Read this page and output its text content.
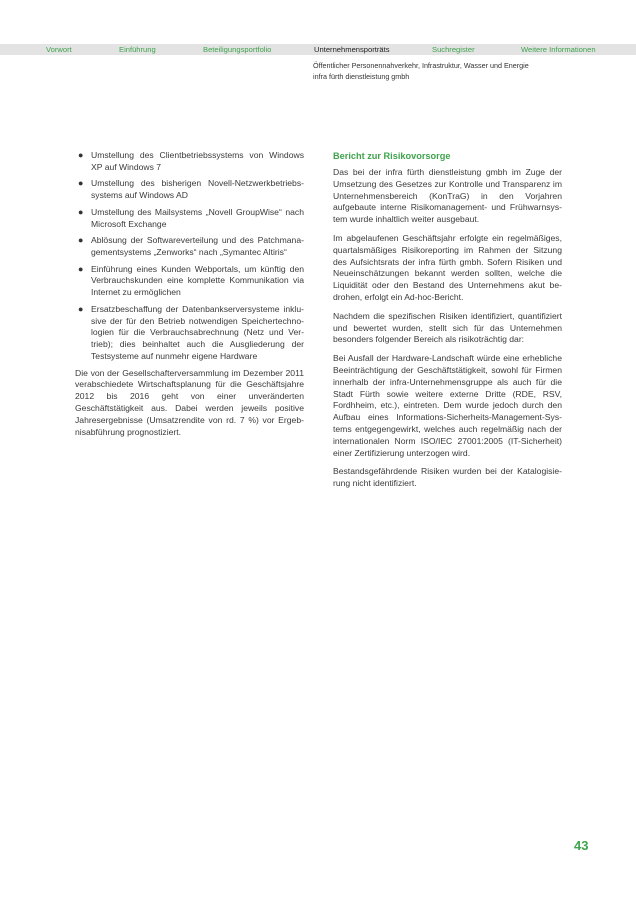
Vorwort	Einführung	Beteiligungsportfolio	Unternehmensporträts	Suchregister	Weitere Informationen
Öffentlicher Personennahverkehr, Infrastruktur, Wasser und Energie
infra fürth dienstleistung gmbh
● Umstellung des Clientbetriebssystems von Windows XP auf Windows 7
● Umstellung des bisherigen Novell-Netzwerkbetriebssystems auf Windows AD
● Umstellung des Mailsystems „Novell GroupWise“ nach Microsoft Exchange
● Ablösung der Softwareverteilung und des Patchmanagementsystems „Zenworks“ nach „Symantec Altiris“
● Einführung eines Kunden Webportals, um künftig den Verbrauchskunden eine komplette Kommunikation via Internet zu ermöglichen
● Ersatzbeschaffung der Datenbankserversysteme inklusive der für den Betrieb notwendigen Speichertechnologien für die Verbrauchsabrechnung (Netz und Vertrieb); dies beinhaltet auch die Ausgliederung der Testsysteme auf nunmehr eigene Hardware

Die von der Gesellschafterversammlung im Dezember 2011 verabschiedete Wirtschaftsplanung für die Geschäftsjahre 2012 bis 2016 geht von einer unveränderten Geschäftstätigkeit aus. Dabei werden jeweils positive Jahresergebnisse (Umsatzrendite von rd. 7 %) vor Ergebnisabführung prognostiziert.

Bericht zur Risikovorsorge

Das bei der infra fürth dienstleistung gmbh im Zuge der Umsetzung des Gesetzes zur Kontrolle und Transparenz im Unternehmensbereich (KonTraG) in den Vorjahren aufgebaute interne Risikomanagement- und Frühwarnsystem wurde inhaltlich weiter ausgebaut.

Im abgelaufenen Geschäftsjahr erfolgte ein regelmäßiges, quartalsmäßiges Risikoreporting im Rahmen der Sitzung des Aufsichtsrats der infra fürth gmbh. Sofern Risiken und Neueinschätzungen bekannt werden sollten, welche die Liquidität oder den Bestand des Unternehmens akut bedrohen, erfolgt ein Ad-hoc-Bericht.

Nachdem die spezifischen Risiken identifiziert, quantifiziert und bewertet wurden, stellt sich für das Unternehmen besonders folgender Bereich als risikoträchtig dar:

Bei Ausfall der Hardware-Landschaft würde eine erhebliche Beeinträchtigung der Geschäftstätigkeit, sowohl für Firmen innerhalb der infra-Unternehmensgruppe als auch für die Stadt Fürth sowie weitere externe Dritte (RDE, RSV, Fordhheim, etc.), eintreten. Dem wurde jedoch durch den Aufbau eines Informations-Sicherheits-Management-Systems entgegengewirkt, welches auch regelmäßig nach der internationalen Norm ISO/IEC 27001:2005 (IT-Sicherheit) einer Zertifizierung unterzogen wird.

Bestandsgefährdende Risiken wurden bei der Katalogisierung nicht identifiziert.

43
